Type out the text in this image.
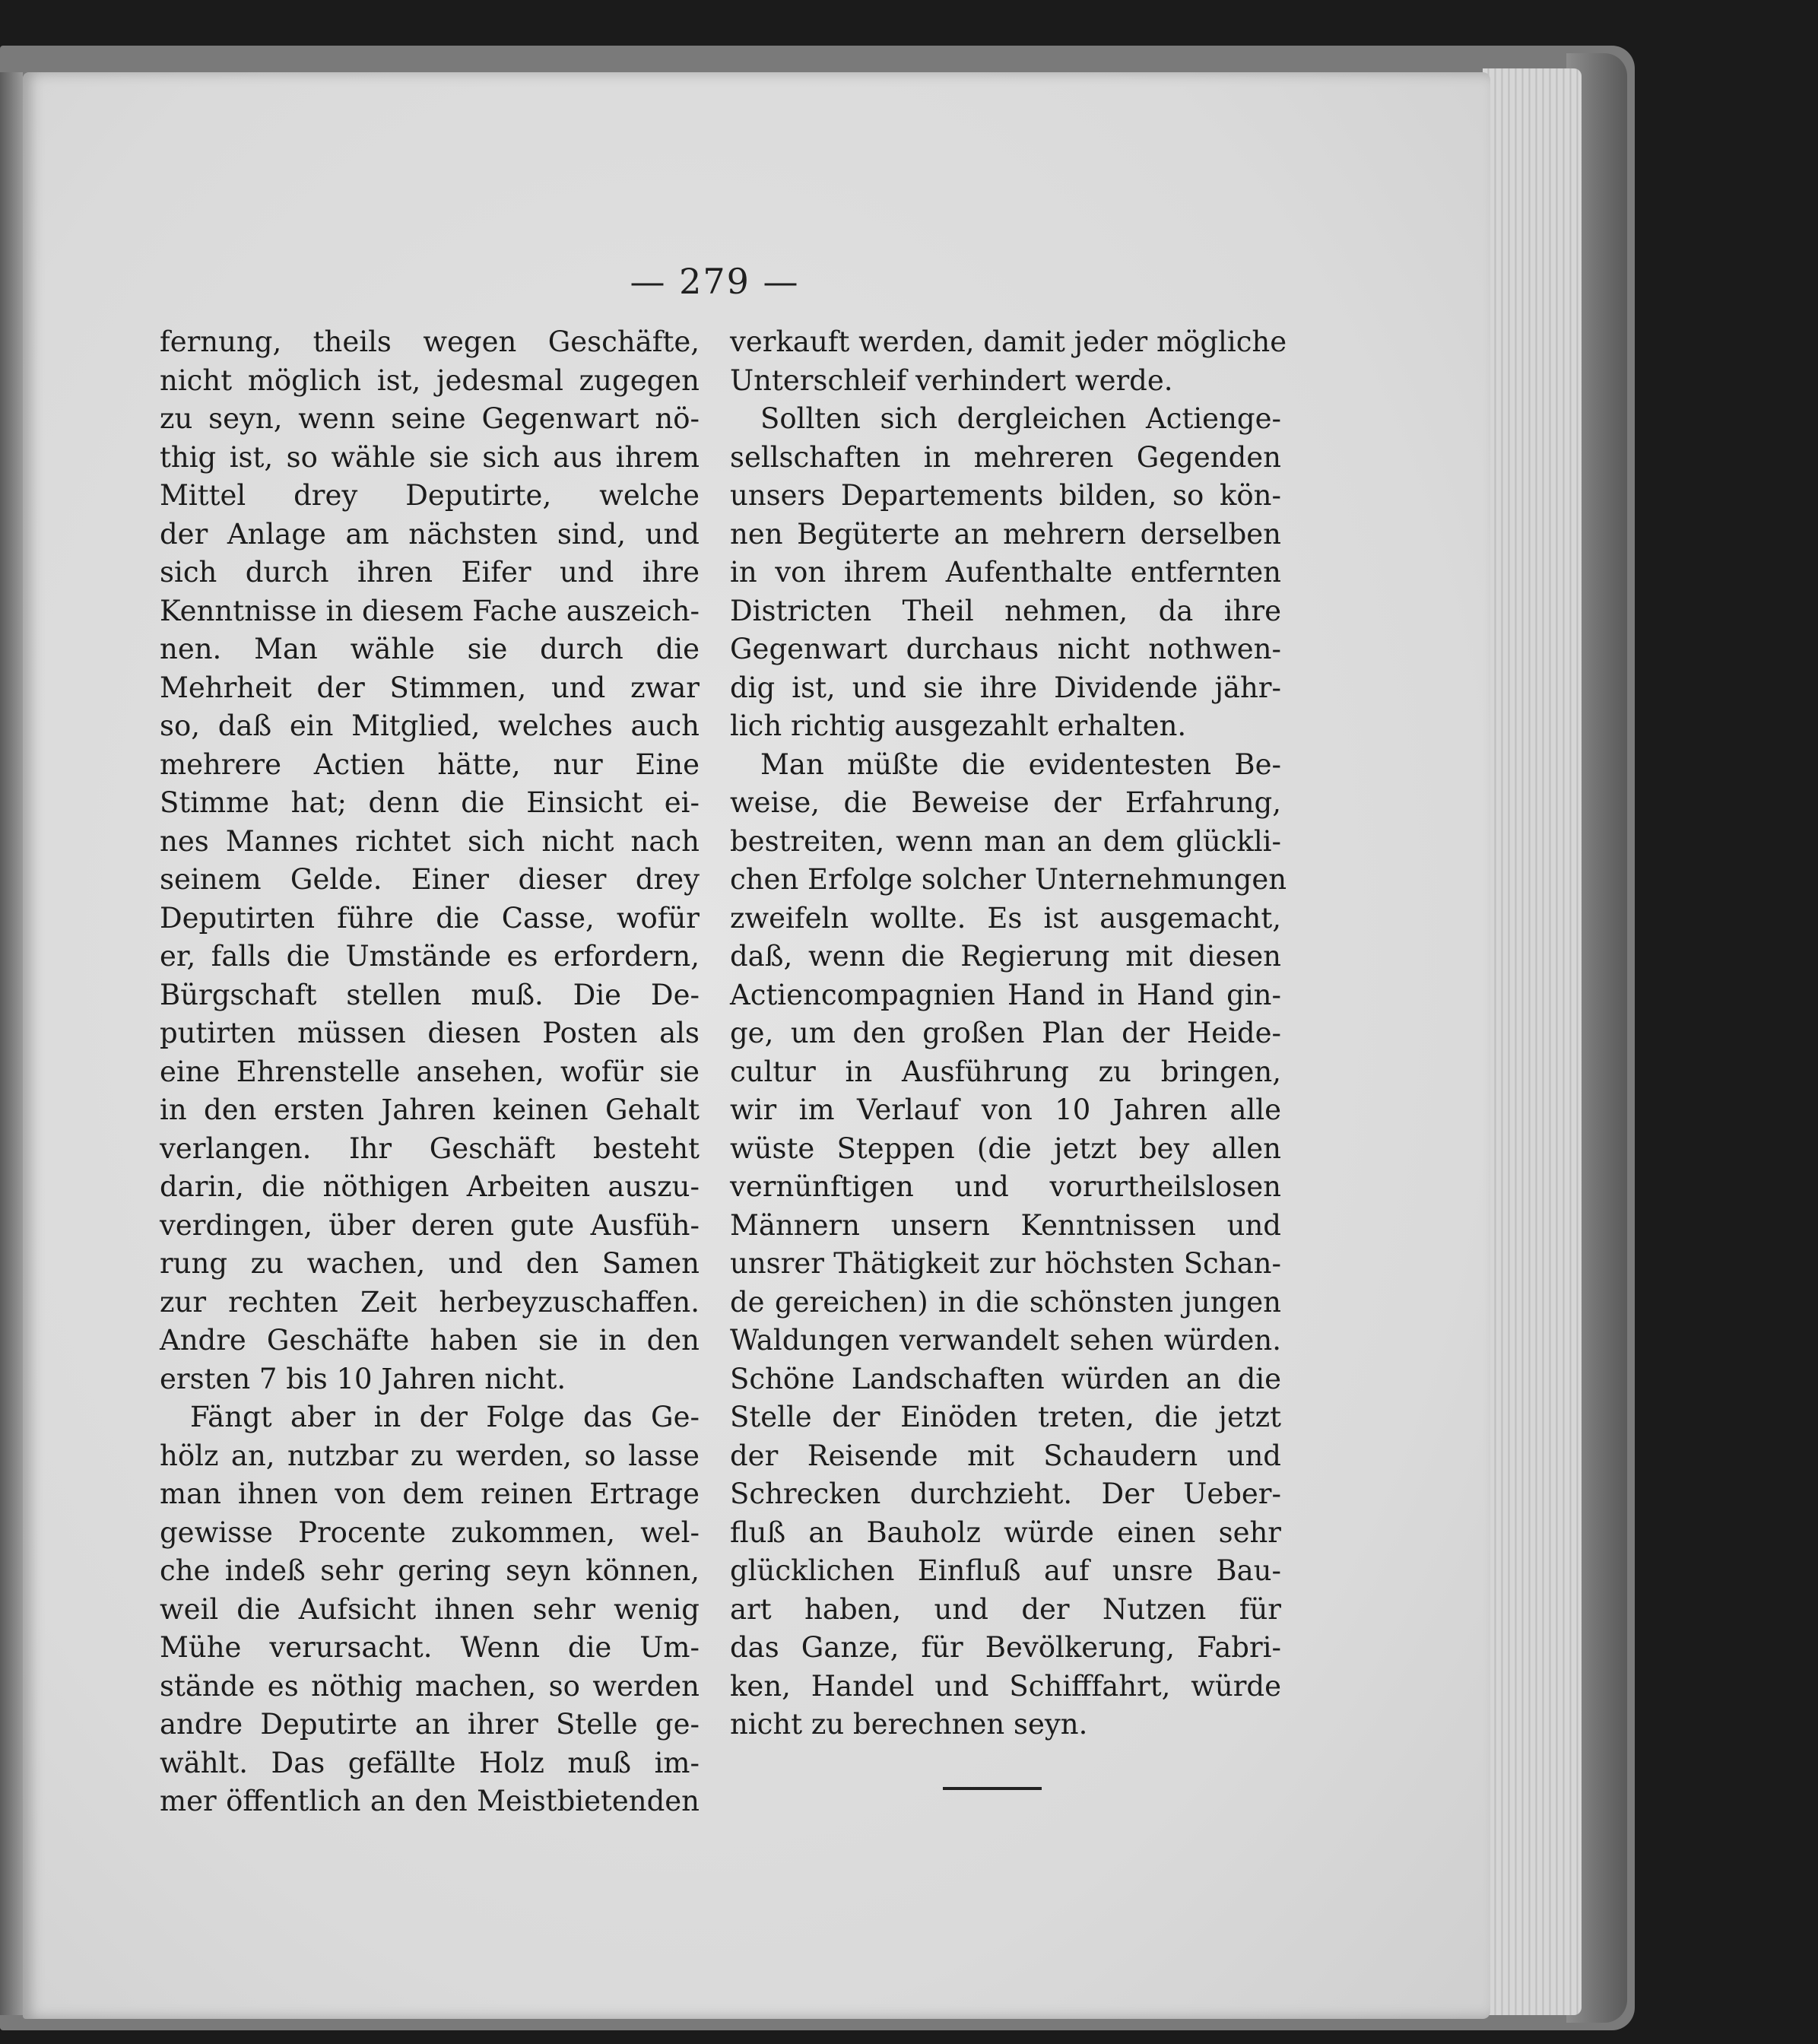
— 279 —
fernung, theils wegen Geschäfte,
nicht möglich ist, jedesmal zugegen
zu seyn, wenn seine Gegenwart nö-
thig ist, so wähle sie sich aus ihrem
Mittel drey Deputirte, welche
der Anlage am nächsten sind, und
sich durch ihren Eifer und ihre
Kenntnisse in diesem Fache auszeich-
nen. Man wähle sie durch die
Mehrheit der Stimmen, und zwar
so, daß ein Mitglied, welches auch
mehrere Actien hätte, nur Eine
Stimme hat; denn die Einsicht ei-
nes Mannes richtet sich nicht nach
seinem Gelde. Einer dieser drey
Deputirten führe die Casse, wofür
er, falls die Umstände es erfordern,
Bürgschaft stellen muß. Die De-
putirten müssen diesen Posten als
eine Ehrenstelle ansehen, wofür sie
in den ersten Jahren keinen Gehalt
verlangen. Ihr Geschäft besteht
darin, die nöthigen Arbeiten auszu-
verdingen, über deren gute Ausfüh-
rung zu wachen, und den Samen
zur rechten Zeit herbeyzuschaffen.
Andre Geschäfte haben sie in den
ersten 7 bis 10 Jahren nicht.
Fängt aber in der Folge das Ge-
hölz an, nutzbar zu werden, so lasse
man ihnen von dem reinen Ertrage
gewisse Procente zukommen, wel-
che indeß sehr gering seyn können,
weil die Aufsicht ihnen sehr wenig
Mühe verursacht. Wenn die Um-
stände es nöthig machen, so werden
andre Deputirte an ihrer Stelle ge-
wählt. Das gefällte Holz muß im-
mer öffentlich an den Meistbietenden
verkauft werden, damit jeder mögliche
Unterschleif verhindert werde.
Sollten sich dergleichen Actienge-
sellschaften in mehreren Gegenden
unsers Departements bilden, so kön-
nen Begüterte an mehrern derselben
in von ihrem Aufenthalte entfernten
Districten Theil nehmen, da ihre
Gegenwart durchaus nicht nothwen-
dig ist, und sie ihre Dividende jähr-
lich richtig ausgezahlt erhalten.
Man müßte die evidentesten Be-
weise, die Beweise der Erfahrung,
bestreiten, wenn man an dem glückli-
chen Erfolge solcher Unternehmungen
zweifeln wollte. Es ist ausgemacht,
daß, wenn die Regierung mit diesen
Actiencompagnien Hand in Hand gin-
ge, um den großen Plan der Heide-
cultur in Ausführung zu bringen,
wir im Verlauf von 10 Jahren alle
wüste Steppen (die jetzt bey allen
vernünftigen und vorurtheilslosen
Männern unsern Kenntnissen und
unsrer Thätigkeit zur höchsten Schan-
de gereichen) in die schönsten jungen
Waldungen verwandelt sehen würden.
Schöne Landschaften würden an die
Stelle der Einöden treten, die jetzt
der Reisende mit Schaudern und
Schrecken durchzieht. Der Ueber-
fluß an Bauholz würde einen sehr
glücklichen Einfluß auf unsre Bau-
art haben, und der Nutzen für
das Ganze, für Bevölkerung, Fabri-
ken, Handel und Schifffahrt, würde
nicht zu berechnen seyn.
